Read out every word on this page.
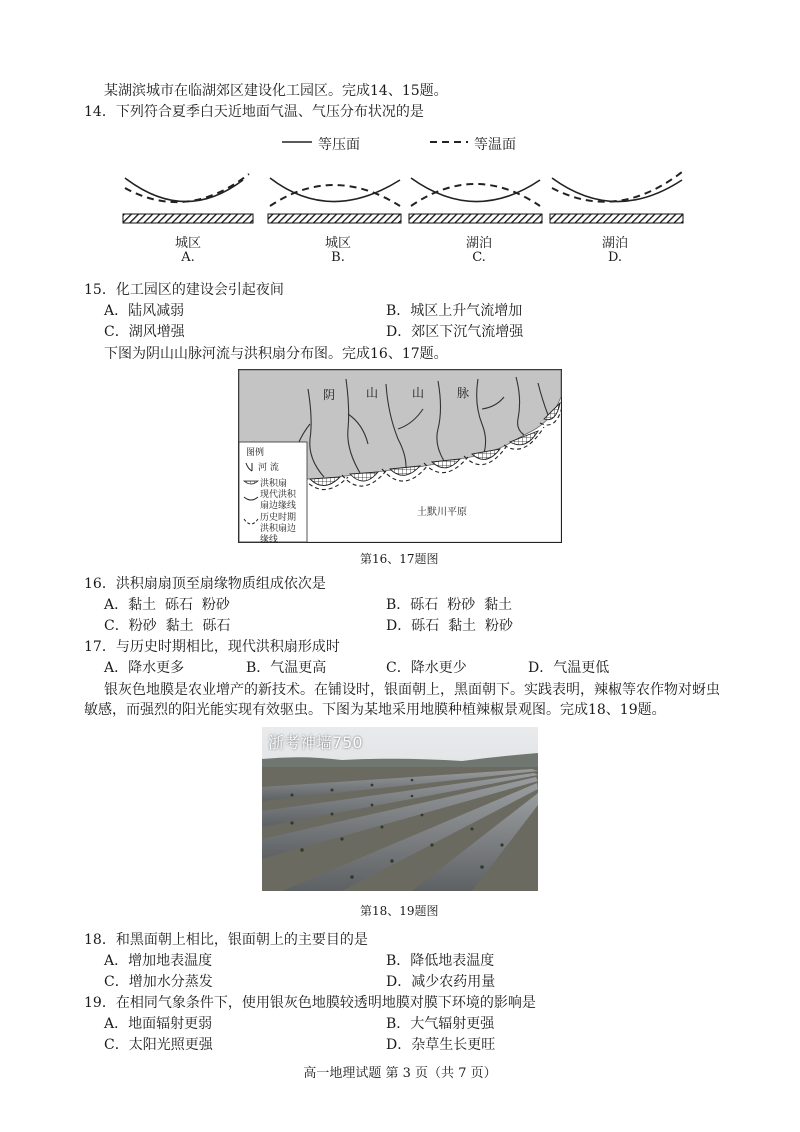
某湖滨城市在临湖郊区建设化工园区。完成14、15题。
14．下列符合夏季白天近地面气温、气压分布状况的是
等压面	等温面
城区
A.
城区
B.
湖泊
C.
湖泊
D.
15．化工园区的建设会引起夜间
A．陆风减弱	B．城区上升气流增加
C．湖风增强	D．郊区下沉气流增强
下图为阴山山脉河流与洪积扇分布图。完成16、17题。
阴	山	山	脉
土默川平原
图例
河 流
洪积扇
现代洪积
扇边缘线
历史时期
洪积扇边
缘线
第16、17题图
16．洪积扇扇顶至扇缘物质组成依次是
A．黏土  砾石  粉砂	B．砾石  粉砂  黏土
C．粉砂  黏土  砾石	D．砾石  黏土  粉砂
17．与历史时期相比，现代洪积扇形成时
A．降水更多	B．气温更高	C．降水更少	D．气温更低
银灰色地膜是农业增产的新技术。在铺设时，银面朝上，黑面朝下。实践表明，辣椒等农作物对蚜虫
敏感，而强烈的阳光能实现有效驱虫。下图为某地采用地膜种植辣椒景观图。完成18、19题。
浙考神墙750
第18、19题图
18．和黑面朝上相比，银面朝上的主要目的是
A．增加地表温度	B．降低地表温度
C．增加水分蒸发	D．减少农药用量
19．在相同气象条件下，使用银灰色地膜较透明地膜对膜下环境的影响是
A．地面辐射更弱	B．大气辐射更强
C．太阳光照更强	D．杂草生长更旺
高一地理试题 第 3 页（共 7 页）
